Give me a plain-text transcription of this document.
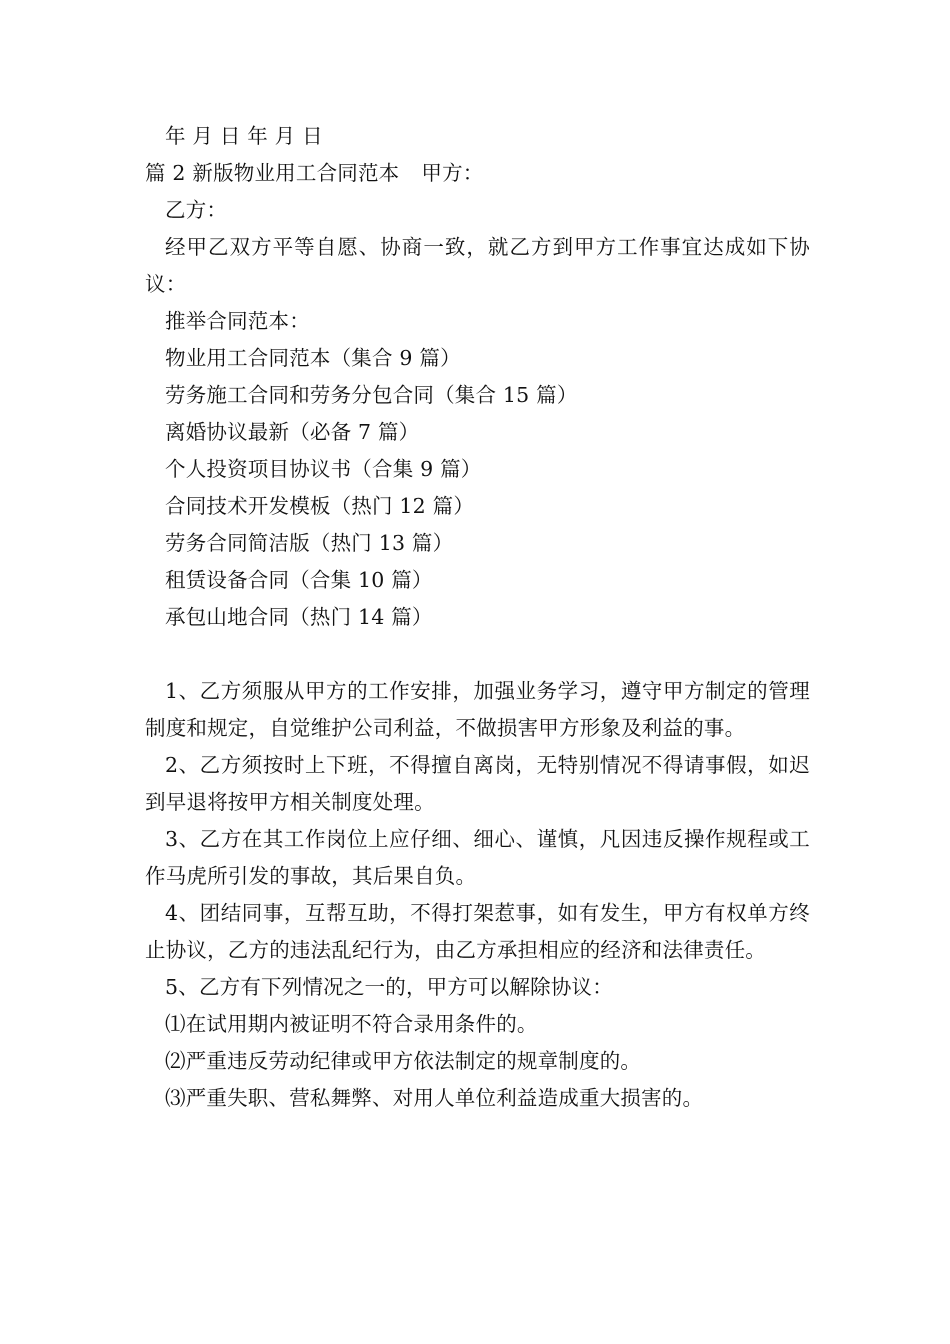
年 月 日 年 月 日
篇 2 新版物业用工合同范本 甲方：
乙方：

经甲乙双方平等自愿、协商一致，就乙方到甲方工作事宜达成如下协议：

推举合同范本：
物业用工合同范本（集合 9 篇）
劳务施工合同和劳务分包合同（集合 15 篇）
离婚协议最新（必备 7 篇）
个人投资项目协议书（合集 9 篇）
合同技术开发模板（热门 12 篇）
劳务合同简洁版（热门 13 篇）
租赁设备合同（合集 10 篇）
承包山地合同（热门 14 篇）

1、乙方须服从甲方的工作安排，加强业务学习，遵守甲方制定的管理制度和规定，自觉维护公司利益，不做损害甲方形象及利益的事。

2、乙方须按时上下班，不得擅自离岗，无特别情况不得请事假，如迟到早退将按甲方相关制度处理。

3、乙方在其工作岗位上应仔细、细心、谨慎，凡因违反操作规程或工作马虎所引发的事故，其后果自负。

4、团结同事，互帮互助，不得打架惹事，如有发生，甲方有权单方终止协议，乙方的违法乱纪行为，由乙方承担相应的经济和法律责任。

5、乙方有下列情况之一的，甲方可以解除协议：

⑴在试用期内被证明不符合录用条件的。
⑵严重违反劳动纪律或甲方依法制定的规章制度的。
⑶严重失职、营私舞弊、对用人单位利益造成重大损害的。
